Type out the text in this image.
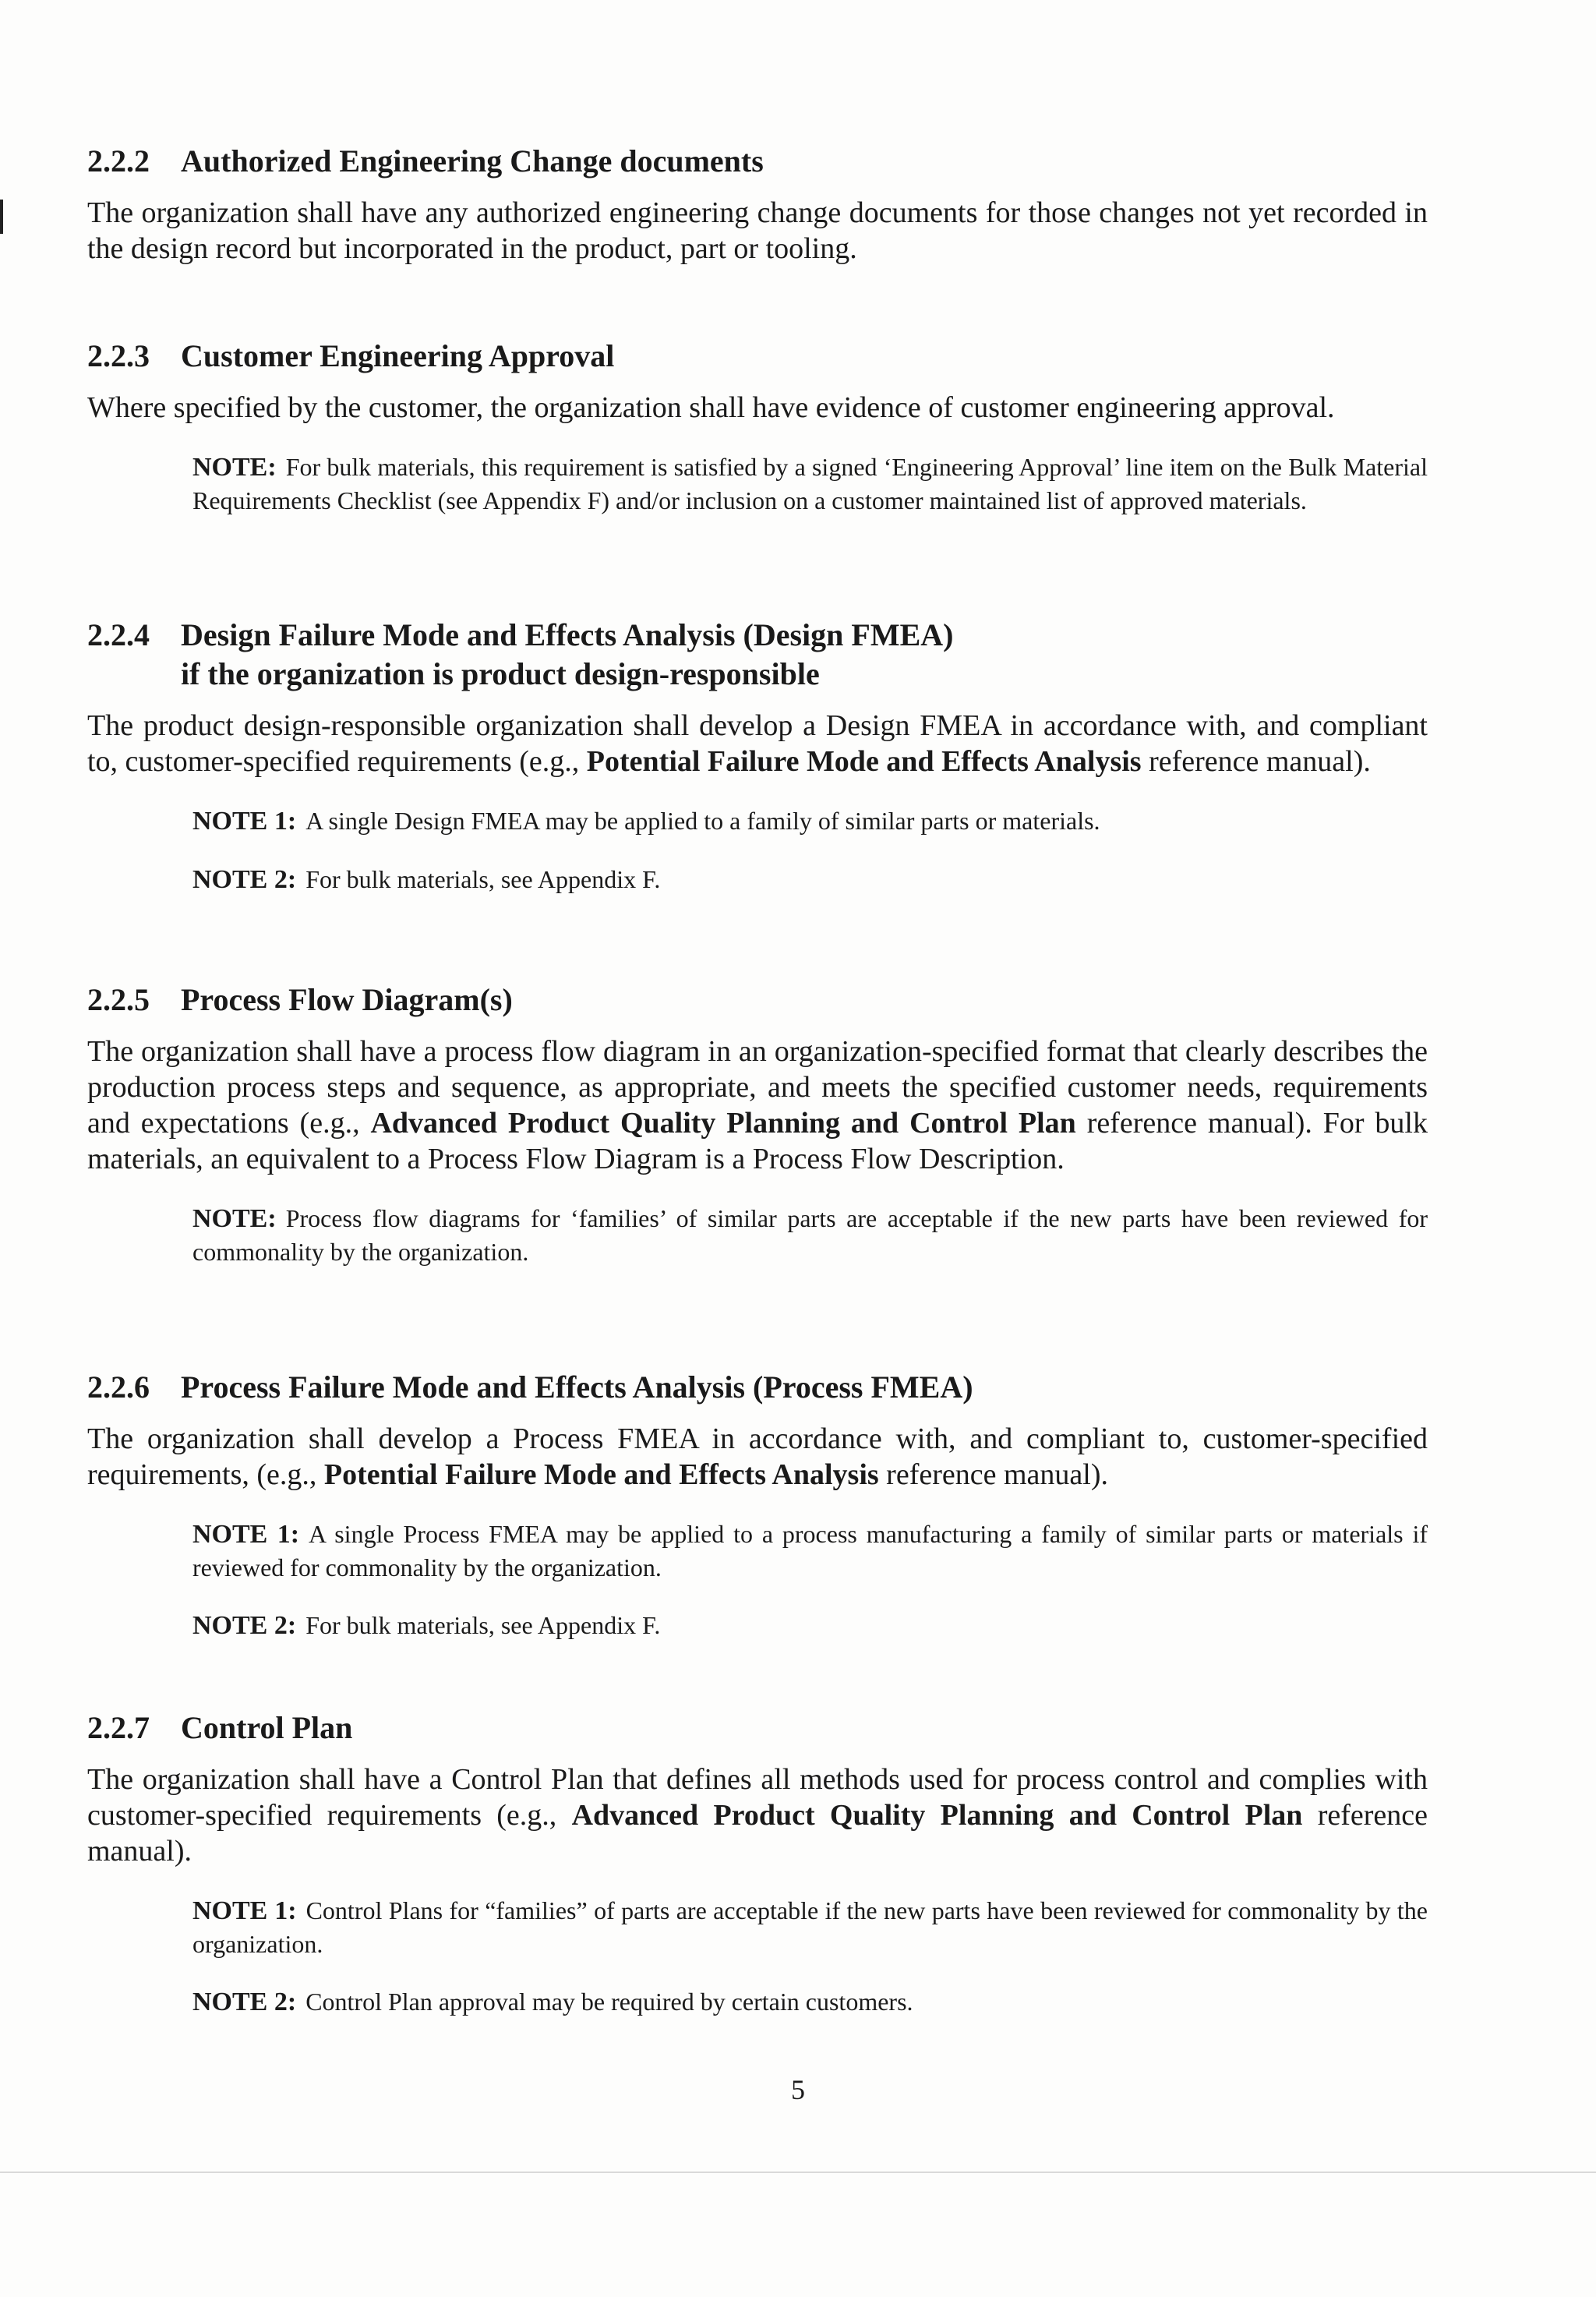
2.2.2	Authorized Engineering Change documents

The organization shall have any authorized engineering change documents for those changes not yet recorded in the design record but incorporated in the product, part or tooling.

2.2.3	Customer Engineering Approval

Where specified by the customer, the organization shall have evidence of customer engineering approval.

NOTE: For bulk materials, this requirement is satisfied by a signed ‘Engineering Approval’ line item on the Bulk Material Requirements Checklist (see Appendix F) and/or inclusion on a customer maintained list of approved materials.

2.2.4	Design Failure Mode and Effects Analysis (Design FMEA)
if the organization is product design-responsible

The product design-responsible organization shall develop a Design FMEA in accordance with, and compliant to, customer-specified requirements (e.g., Potential Failure Mode and Effects Analysis reference manual).

NOTE 1: A single Design FMEA may be applied to a family of similar parts or materials.

NOTE 2: For bulk materials, see Appendix F.

2.2.5	Process Flow Diagram(s)

The organization shall have a process flow diagram in an organization-specified format that clearly describes the production process steps and sequence, as appropriate, and meets the specified customer needs, requirements and expectations (e.g., Advanced Product Quality Planning and Control Plan reference manual). For bulk materials, an equivalent to a Process Flow Diagram is a Process Flow Description.

NOTE: Process flow diagrams for ‘families’ of similar parts are acceptable if the new parts have been reviewed for commonality by the organization.

2.2.6	Process Failure Mode and Effects Analysis (Process FMEA)

The organization shall develop a Process FMEA in accordance with, and compliant to, customer-specified requirements, (e.g., Potential Failure Mode and Effects Analysis reference manual).

NOTE 1: A single Process FMEA may be applied to a process manufacturing a family of similar parts or materials if reviewed for commonality by the organization.

NOTE 2: For bulk materials, see Appendix F.

2.2.7	Control Plan

The organization shall have a Control Plan that defines all methods used for process control and complies with customer-specified requirements (e.g., Advanced Product Quality Planning and Control Plan reference manual).

NOTE 1: Control Plans for “families” of parts are acceptable if the new parts have been reviewed for commonality by the organization.

NOTE 2: Control Plan approval may be required by certain customers.

5
